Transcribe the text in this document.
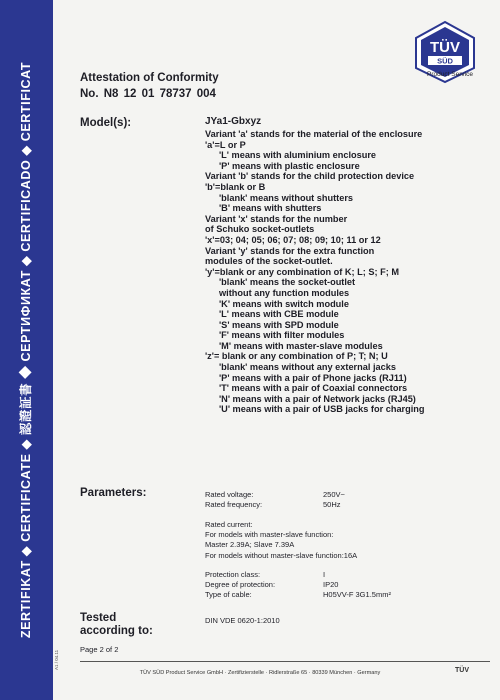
ZERTIFIKAT ◆ CERTIFICATE ◆ 認證証書 ◆ СЕРТИФИКАТ ◆ CERTIFICADO ◆ CERTIFICAT
A1 / 04.11
TÜV
SÜD
Product Service
Attestation of Conformity
No. N8 12 01 78737 004
Model(s):	JYa1-Gbxyz
Variant 'a' stands for the material of the enclosure
'a'=L or P
'L' means with aluminium enclosure
'P' means with plastic enclosure
Variant 'b' stands for the child protection device
'b'=blank or B
'blank' means without shutters
'B' means with shutters
Variant 'x' stands for the number
of Schuko socket-outlets
'x'=03; 04; 05; 06; 07; 08; 09; 10; 11 or 12
Variant 'y' stands for the extra function
modules of the socket-outlet.
'y'=blank or any combination of K; L; S; F; M
'blank' means the socket-outlet
without any function modules
'K' means with switch module
'L' means with CBE module
'S' means with SPD module
'F' means with filter modules
'M' means with master-slave modules
'z'= blank or any combination of P; T; N; U
'blank' means without any external jacks
'P' means with a pair of Phone jacks (RJ11)
'T' means with a pair of Coaxial connectors
'N' means with a pair of Network jacks (RJ45)
'U' means with a pair of USB jacks for charging
Parameters:	Rated voltage:	250V~
Rated frequency:	50Hz
Rated current:
For models with master-slave function:
Master 2.39A; Slave 7.39A
For models without master-slave function:16A
Protection class:	I
Degree of protection:	IP20
Type of cable:	H05VV-F 3G1.5mm²
Tested
according to:
DIN VDE 0620-1:2010
Page 2 of 2
TÜV SÜD Product Service GmbH · Zertifizierstelle · Ridlerstraße 65 · 80339 München · Germany	TÜV
